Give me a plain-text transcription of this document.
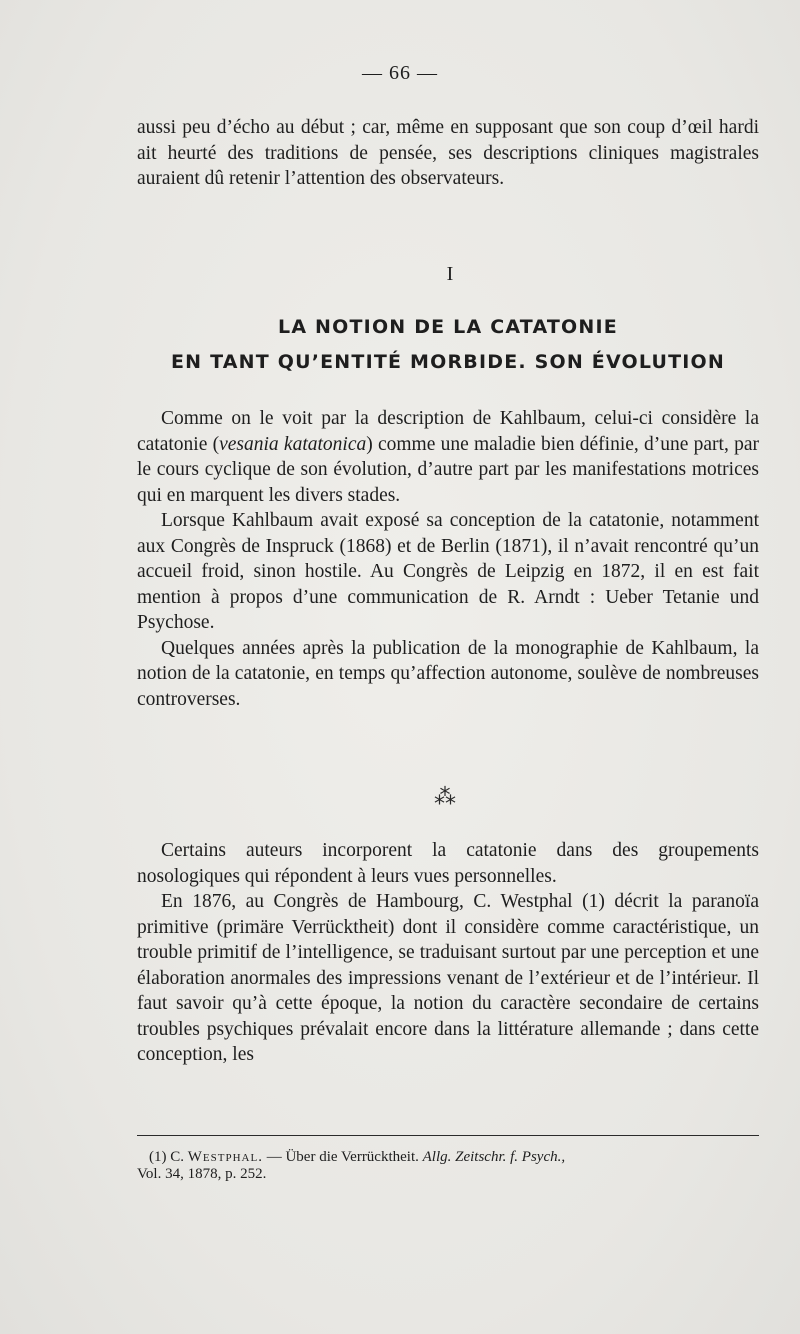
— 66 —

aussi peu d’écho au début ; car, même en supposant que son coup d’œil hardi ait heurté des traditions de pensée, ses descriptions cliniques magistrales auraient dû retenir l’attention des observateurs.

I
LA NOTION DE LA CATATONIE
EN TANT QU’ENTITÉ MORBIDE. SON ÉVOLUTION

Comme on le voit par la description de Kahlbaum, celui-ci considère la catatonie (vesania katatonica) comme une maladie bien définie, d’une part, par le cours cyclique de son évolution, d’autre part par les manifestations motrices qui en marquent les divers stades.

Lorsque Kahlbaum avait exposé sa conception de la catatonie, notamment aux Congrès de Inspruck (1868) et de Berlin (1871), il n’avait rencontré qu’un accueil froid, sinon hostile. Au Congrès de Leipzig en 1872, il en est fait mention à propos d’une communication de R. Arndt : Ueber Tetanie und Psychose.

Quelques années après la publication de la monographie de Kahlbaum, la notion de la catatonie, en temps qu’affection autonome, soulève de nombreuses controverses.

⁂

Certains auteurs incorporent la catatonie dans des groupements nosologiques qui répondent à leurs vues personnelles.

En 1876, au Congrès de Hambourg, C. Westphal (1) décrit la paranoïa primitive (primäre Verrücktheit) dont il considère comme caractéristique, un trouble primitif de l’intelligence, se traduisant surtout par une perception et une élaboration anormales des impressions venant de l’extérieur et de l’intérieur. Il faut savoir qu’à cette époque, la notion du caractère secondaire de certains troubles psychiques prévalait encore dans la littérature allemande ; dans cette conception, les

(1) C. Westphal. — Über die Verrücktheit. Allg. Zeitschr. f. Psych.,
Vol. 34, 1878, p. 252.
